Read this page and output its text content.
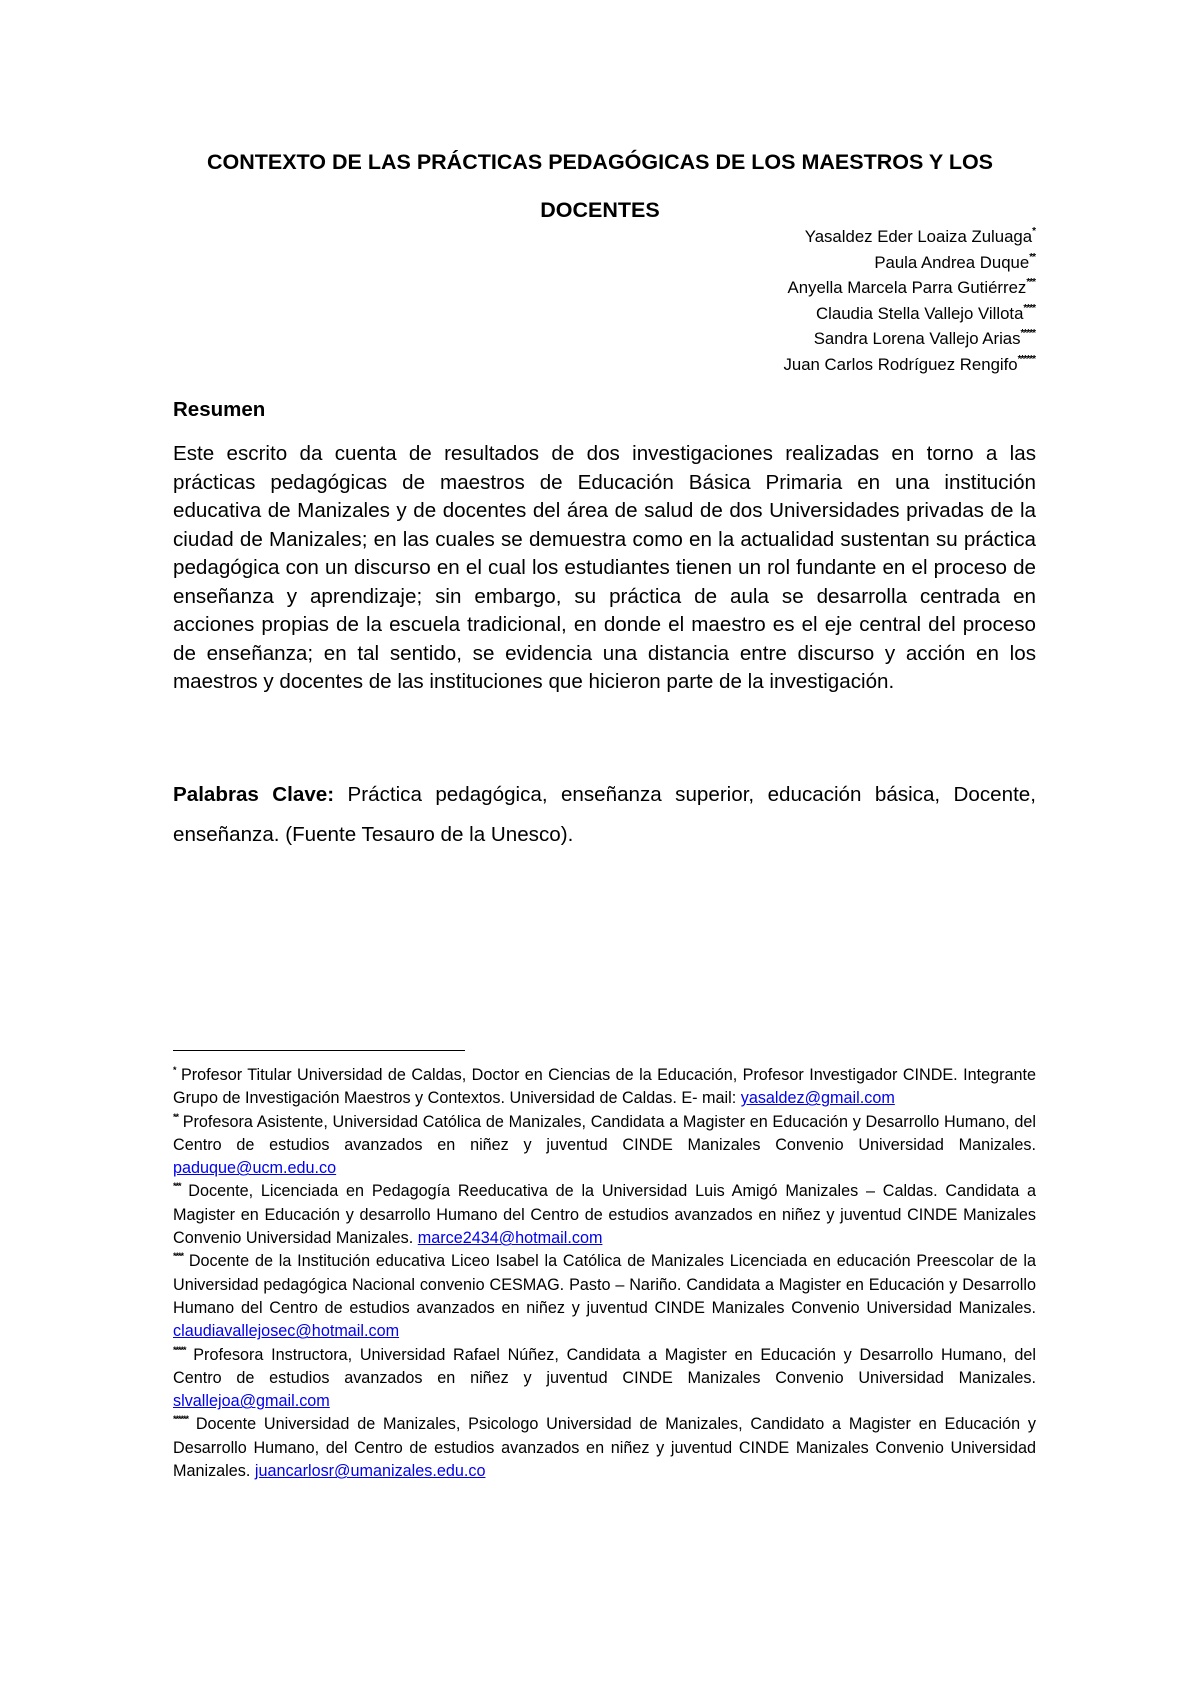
CONTEXTO DE LAS PRÁCTICAS PEDAGÓGICAS DE LOS MAESTROS Y LOS DOCENTES
Yasaldez Eder Loaiza Zuluaga*
Paula Andrea Duque**
Anyella Marcela Parra Gutiérrez***
Claudia Stella Vallejo Villota****
Sandra Lorena Vallejo Arias*****
Juan Carlos Rodríguez Rengifo******
Resumen

Este escrito da cuenta de resultados de dos investigaciones realizadas en torno a las prácticas pedagógicas de maestros de Educación Básica Primaria en una institución educativa de Manizales y de docentes del área de salud de dos Universidades privadas de la ciudad de Manizales; en las cuales se demuestra como en la actualidad sustentan su práctica pedagógica con un discurso en el cual los estudiantes tienen un rol fundante en el proceso de enseñanza y aprendizaje; sin embargo, su práctica de aula se desarrolla centrada en acciones propias de la escuela tradicional, en donde el maestro es el eje central del proceso de enseñanza; en tal sentido, se evidencia una distancia entre discurso y acción en los maestros y docentes de las instituciones que hicieron parte de la investigación.

Palabras Clave: Práctica pedagógica, enseñanza superior, educación básica, Docente, enseñanza. (Fuente Tesauro de la Unesco).

* Profesor Titular Universidad de Caldas, Doctor en Ciencias de la Educación, Profesor Investigador CINDE. Integrante Grupo de Investigación Maestros y Contextos. Universidad de Caldas. E- mail: yasaldez@gmail.com

** Profesora Asistente, Universidad Católica de Manizales, Candidata a Magister en Educación y Desarrollo Humano, del Centro de estudios avanzados en niñez y juventud CINDE Manizales Convenio Universidad Manizales. paduque@ucm.edu.co

*** Docente, Licenciada en Pedagogía Reeducativa de la Universidad Luis Amigó Manizales – Caldas. Candidata a Magister en Educación y desarrollo Humano del Centro de estudios avanzados en niñez y juventud CINDE Manizales Convenio Universidad Manizales. marce2434@hotmail.com

**** Docente de la Institución educativa Liceo Isabel la Católica de Manizales Licenciada en educación Preescolar de la Universidad pedagógica Nacional convenio CESMAG. Pasto – Nariño. Candidata a Magister en Educación y Desarrollo Humano del Centro de estudios avanzados en niñez y juventud CINDE Manizales Convenio Universidad Manizales. claudiavallejosec@hotmail.com

***** Profesora Instructora, Universidad Rafael Núñez, Candidata a Magister en Educación y Desarrollo Humano, del Centro de estudios avanzados en niñez y juventud CINDE Manizales Convenio Universidad Manizales. slvallejoa@gmail.com

****** Docente Universidad de Manizales, Psicologo Universidad de Manizales, Candidato a Magister en Educación y Desarrollo Humano, del Centro de estudios avanzados en niñez y juventud CINDE Manizales Convenio Universidad Manizales. juancarlosr@umanizales.edu.co
